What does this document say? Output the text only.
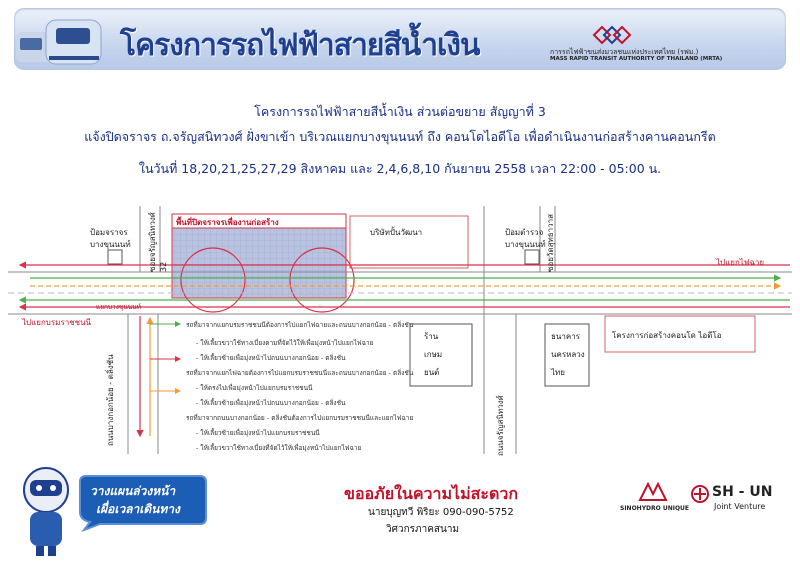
โครงการรถไฟฟ้าสายสีน้ำเงิน	การรถไฟฟ้าขนส่งมวลชนแห่งประเทศไทย (รฟม.)
MASS RAPID TRANSIT AUTHORITY OF THAILAND (MRTA)
โครงการรถไฟฟ้าสายสีน้ำเงิน ส่วนต่อขยาย สัญญาที่ 3
แจ้งปิดจราจร ถ.จรัญสนิทวงศ์ ฝั่งขาเข้า บริเวณแยกบางขุนนนท์ ถึง คอนโดไอดีโอ เพื่อดำเนินงานก่อสร้างคานคอนกรีต
ในวันที่ 18,20,21,25,27,29 สิงหาคม และ 2,4,6,8,10 กันยายน 2558 เวลา 22:00 - 05:00 น.
พื้นที่ปิดจราจรเพื่องานก่อสร้าง
ป้อมจราจร
บางขุนนนท์
ป้อมตำรวจ
บางขุนนนท์
ซอยจรัญสนิทวงศ์ 32	ซอยวัดสุทธาวาส
บริษัทปั้นวัฒนา
ร้าน
เกษม
ยนต์
ธนาคาร
นครหลวง
ไทย
โครงการก่อสร้างคอนโด ไอดีโอ
ไปแยกไฟฉาย
ไปแยกบรมราชชนนี
แยกบางขุนนนท์
ถนนบางกอกน้อย - ตลิ่งชัน	ถนนจรัญสนิทวงศ์
รถที่มาจากแยกบรมราชชนนีต้องการไปแยกไฟฉายและถนนบางกอกน้อย - ตลิ่งชัน
- ให้เลี้ยวขวาใช้ทางเบี่ยงตามที่จัดไว้ให้เพื่อมุ่งหน้าไปแยกไฟฉาย
- ให้เลี้ยวซ้ายเพื่อมุ่งหน้าไปถนนบางกอกน้อย - ตลิ่งชัน
รถที่มาจากแยกไฟฉายต้องการไปแยกบรมราชชนนีและถนนบางกอกน้อย - ตลิ่งชัน
- ให้ตรงไปเพื่อมุ่งหน้าไปแยกบรมราชชนนี
- ให้เลี้ยวซ้ายเพื่อมุ่งหน้าไปถนนบางกอกน้อย - ตลิ่งชัน
รถที่มาจากถนนบางกอกน้อย - ตลิ่งชันต้องการไปแยกบรมราชชนนีและแยกไฟฉาย
- ให้เลี้ยวซ้ายเพื่อมุ่งหน้าไปแยกบรมราชชนนี
- ให้เลี้ยวขวาใช้ทางเบี่ยงที่จัดไว้ให้เพื่อมุ่งหน้าไปแยกไฟฉาย
วางแผนล่วงหน้า
เผื่อเวลาเดินทาง
ขออภัยในความไม่สะดวก
นายบุญทวี พิริยะ 090-090-5752
วิศวกรภาคสนาม
SINOHYDRO UNIQUE
SH - UN
Joint Venture
